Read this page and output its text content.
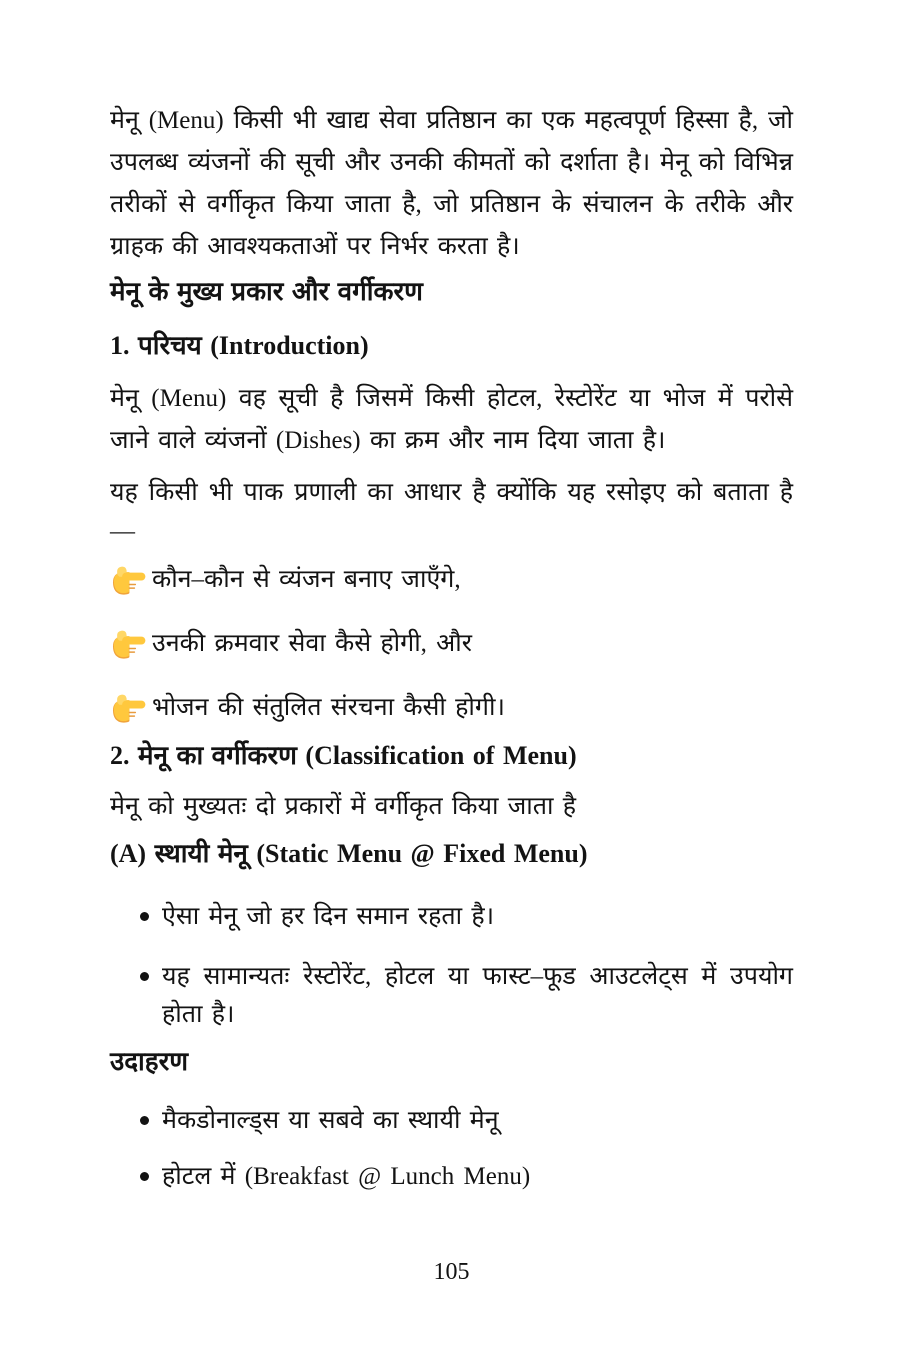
मेनू (Menu) किसी भी खाद्य सेवा प्रतिष्ठान का एक महत्वपूर्ण हिस्सा है, जो उपलब्ध व्यंजनों की सूची और उनकी कीमतों को दर्शाता है। मेनू को विभिन्न तरीकों से वर्गीकृत किया जाता है, जो प्रतिष्ठान के संचालन के तरीके और ग्राहक की आवश्यकताओं पर निर्भर करता है।

मेनू के मुख्य प्रकार और वर्गीकरण
1. परिचय (Introduction)

मेनू (Menu) वह सूची है जिसमें किसी होटल, रेस्टोरेंट या भोज में परोसे जाने वाले व्यंजनों (Dishes) का क्रम और नाम दिया जाता है।

यह किसी भी पाक प्रणाली का आधार है क्योंकि यह रसोइए को बताता है

—

कौन–कौन से व्यंजन बनाए जाएँगे,
उनकी क्रमवार सेवा कैसे होगी, और
भोजन की संतुलित संरचना कैसी होगी।
2. मेनू का वर्गीकरण (Classification of Menu)

मेनू को मुख्यतः दो प्रकारों में वर्गीकृत किया जाता है

(A) स्थायी मेनू (Static Menu @ Fixed Menu)
ऐसा मेनू जो हर दिन समान रहता है।
यह सामान्यतः रेस्टोरेंट, होटल या फास्ट–फूड आउटलेट्स में उपयोग होता है।
उदाहरण
मैकडोनाल्ड्स या सबवे का स्थायी मेनू
होटल में (Breakfast @ Lunch Menu)
105
